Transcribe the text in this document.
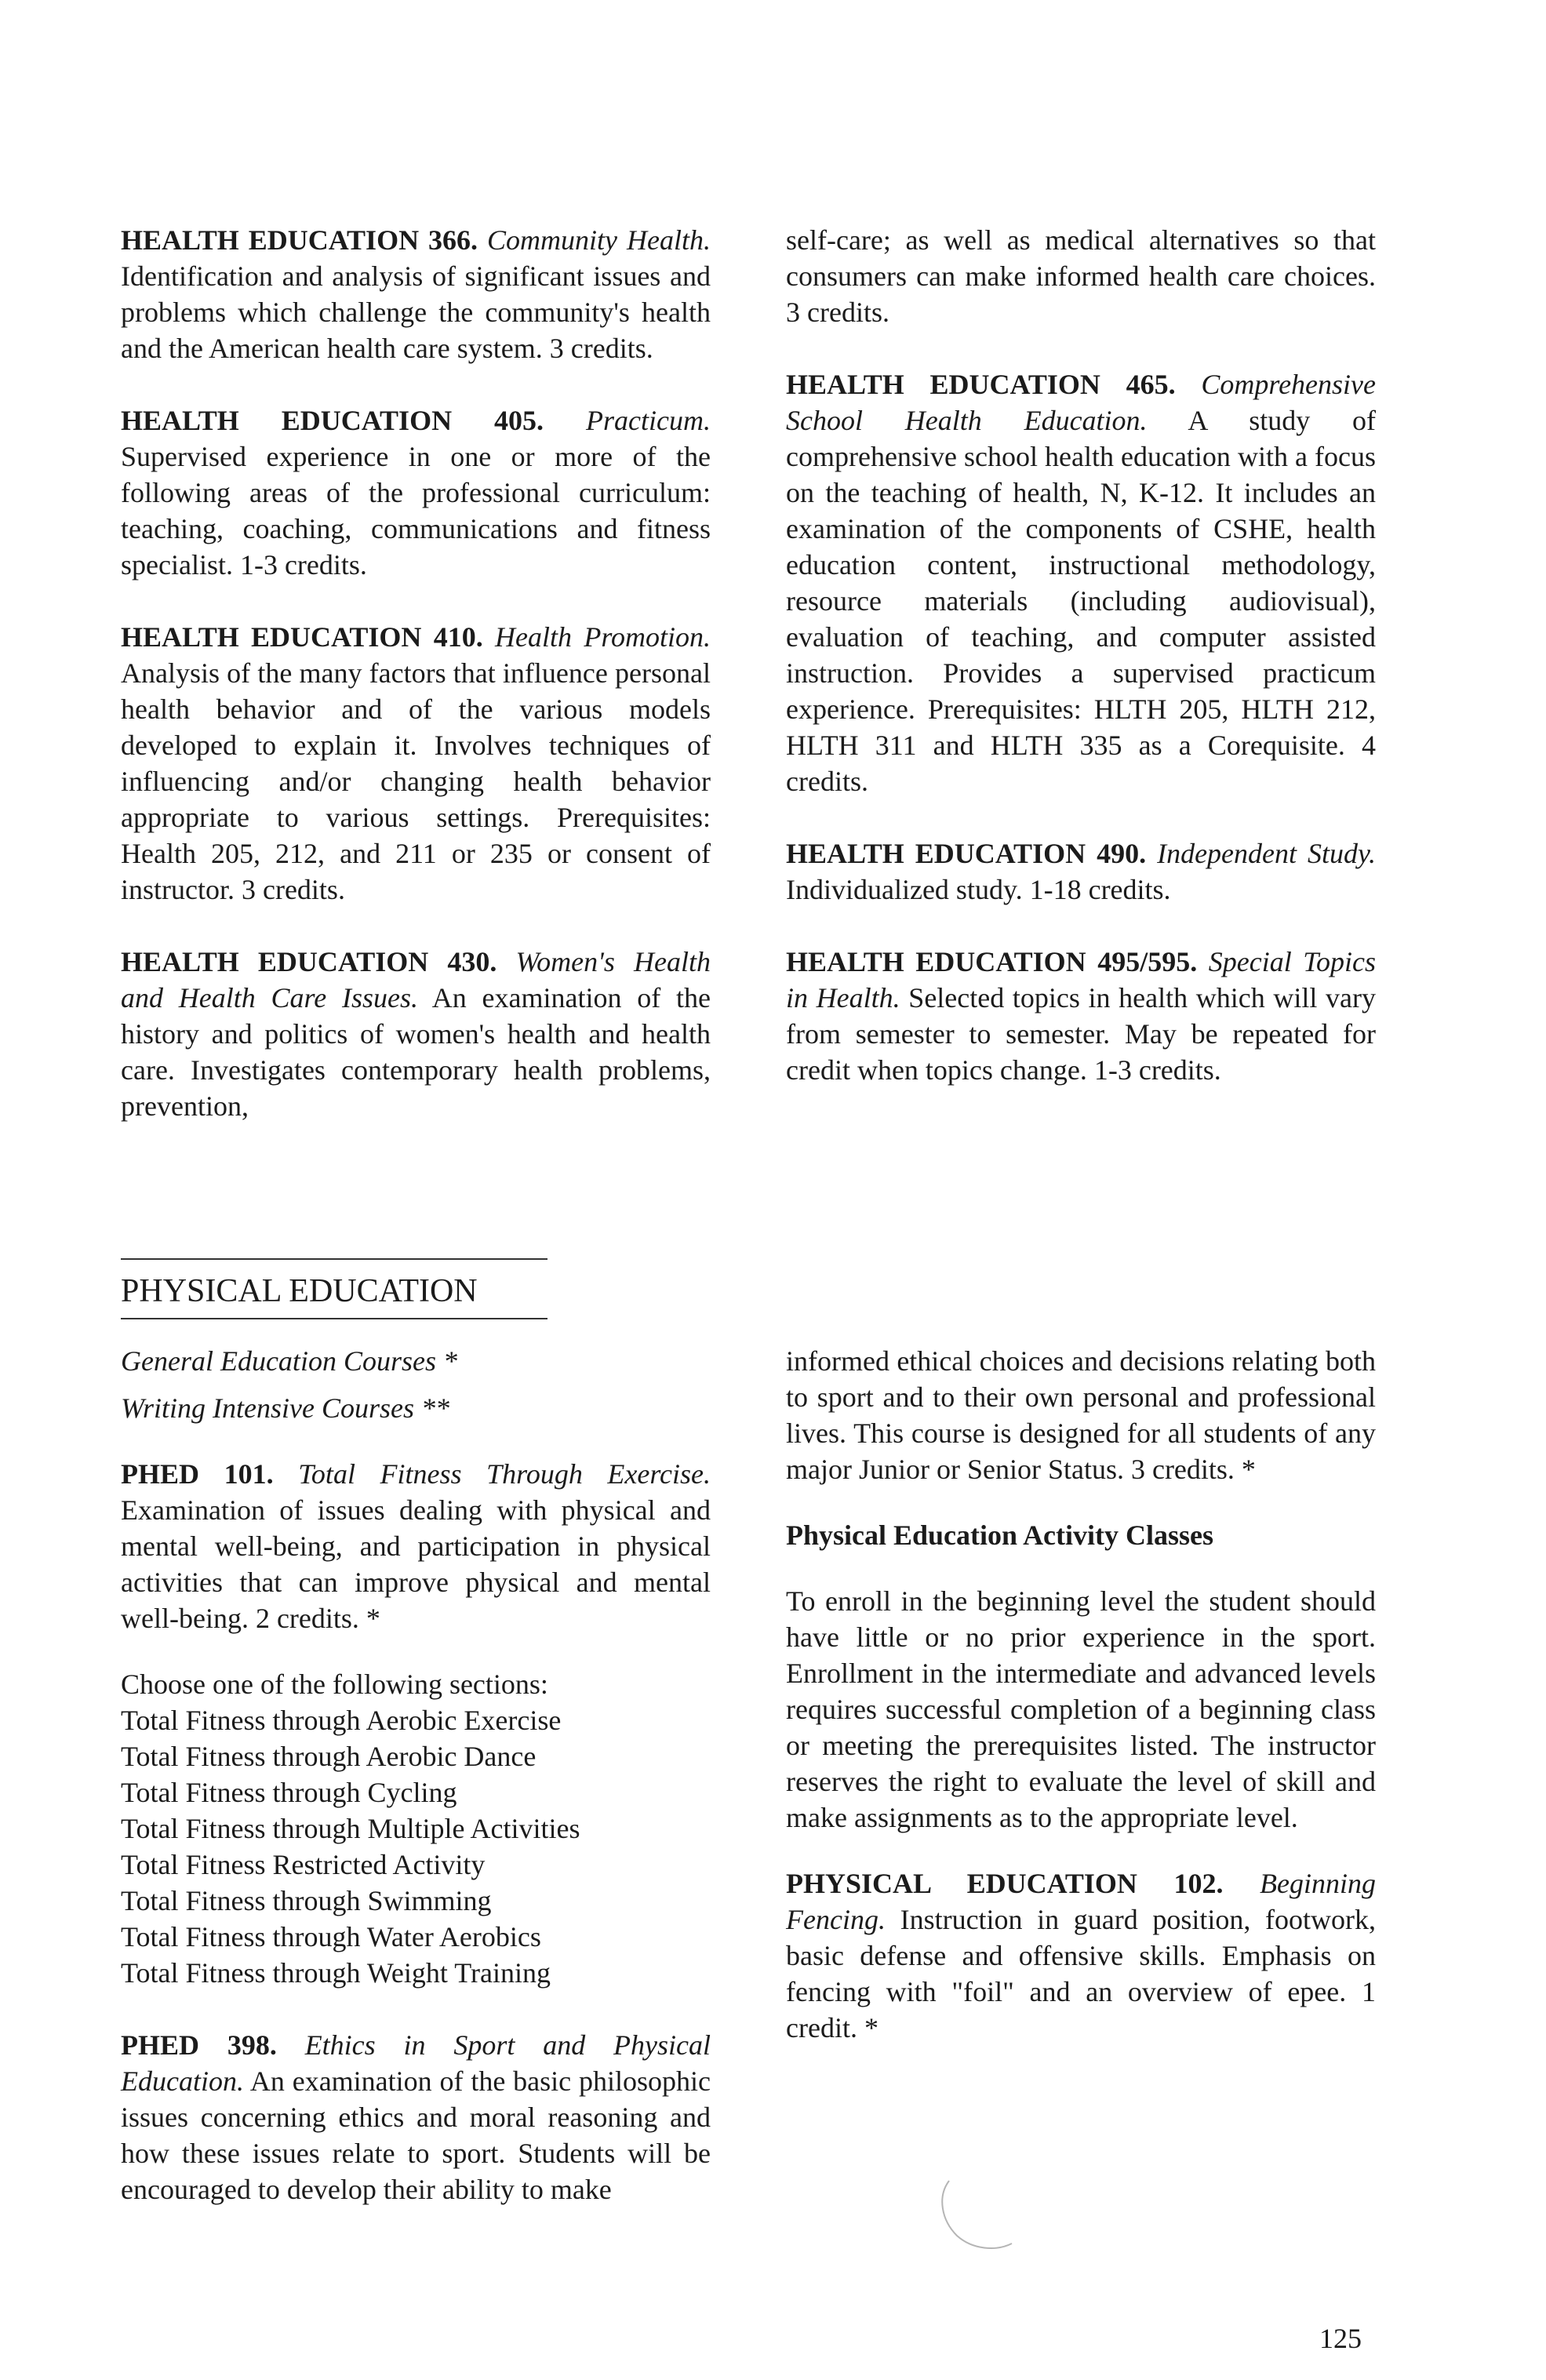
HEALTH EDUCATION 366. Community Health. Identification and analysis of significant issues and problems which challenge the community's health and the American health care system. 3 credits.

HEALTH EDUCATION 405. Practicum. Supervised experience in one or more of the following areas of the professional curriculum: teaching, coaching, communications and fitness specialist. 1-3 credits.

HEALTH EDUCATION 410. Health Promotion. Analysis of the many factors that influence personal health behavior and of the various models developed to explain it. Involves techniques of influencing and/or changing health behavior appropriate to various settings. Prerequisites: Health 205, 212, and 211 or 235 or consent of instructor. 3 credits.

HEALTH EDUCATION 430. Women's Health and Health Care Issues. An examination of the history and politics of women's health and health care. Investigates contemporary health problems, prevention,

self-care; as well as medical alternatives so that consumers can make informed health care choices. 3 credits.

HEALTH EDUCATION 465. Comprehensive School Health Education. A study of comprehensive school health education with a focus on the teaching of health, N, K-12. It includes an examination of the components of CSHE, health education content, instructional methodology, resource materials (including audiovisual), evaluation of teaching, and computer assisted instruction. Provides a supervised practicum experience. Prerequisites: HLTH 205, HLTH 212, HLTH 311 and HLTH 335 as a Corequisite. 4 credits.

HEALTH EDUCATION 490. Independent Study. Individualized study. 1-18 credits.

HEALTH EDUCATION 495/595. Special Topics in Health. Selected topics in health which will vary from semester to semester. May be repeated for credit when topics change. 1-3 credits.

PHYSICAL EDUCATION

General Education Courses *

Writing Intensive Courses **

PHED 101. Total Fitness Through Exercise. Examination of issues dealing with physical and mental well-being, and participation in physical activities that can improve physical and mental well-being. 2 credits. *

Choose one of the following sections:

Total Fitness through Aerobic Exercise

Total Fitness through Aerobic Dance

Total Fitness through Cycling

Total Fitness through Multiple Activities

Total Fitness Restricted Activity

Total Fitness through Swimming

Total Fitness through Water Aerobics

Total Fitness through Weight Training

PHED 398. Ethics in Sport and Physical Education. An examination of the basic philosophic issues concerning ethics and moral reasoning and how these issues relate to sport. Students will be encouraged to develop their ability to make

informed ethical choices and decisions relating both to sport and to their own personal and professional lives. This course is designed for all students of any major Junior or Senior Status. 3 credits. *

Physical Education Activity Classes

To enroll in the beginning level the student should have little or no prior experience in the sport. Enrollment in the intermediate and advanced levels requires successful completion of a beginning class or meeting the prerequisites listed. The instructor reserves the right to evaluate the level of skill and make assignments as to the appropriate level.

PHYSICAL EDUCATION 102. Beginning Fencing. Instruction in guard position, footwork, basic defense and offensive skills. Emphasis on fencing with "foil" and an overview of epee. 1 credit. *

125
